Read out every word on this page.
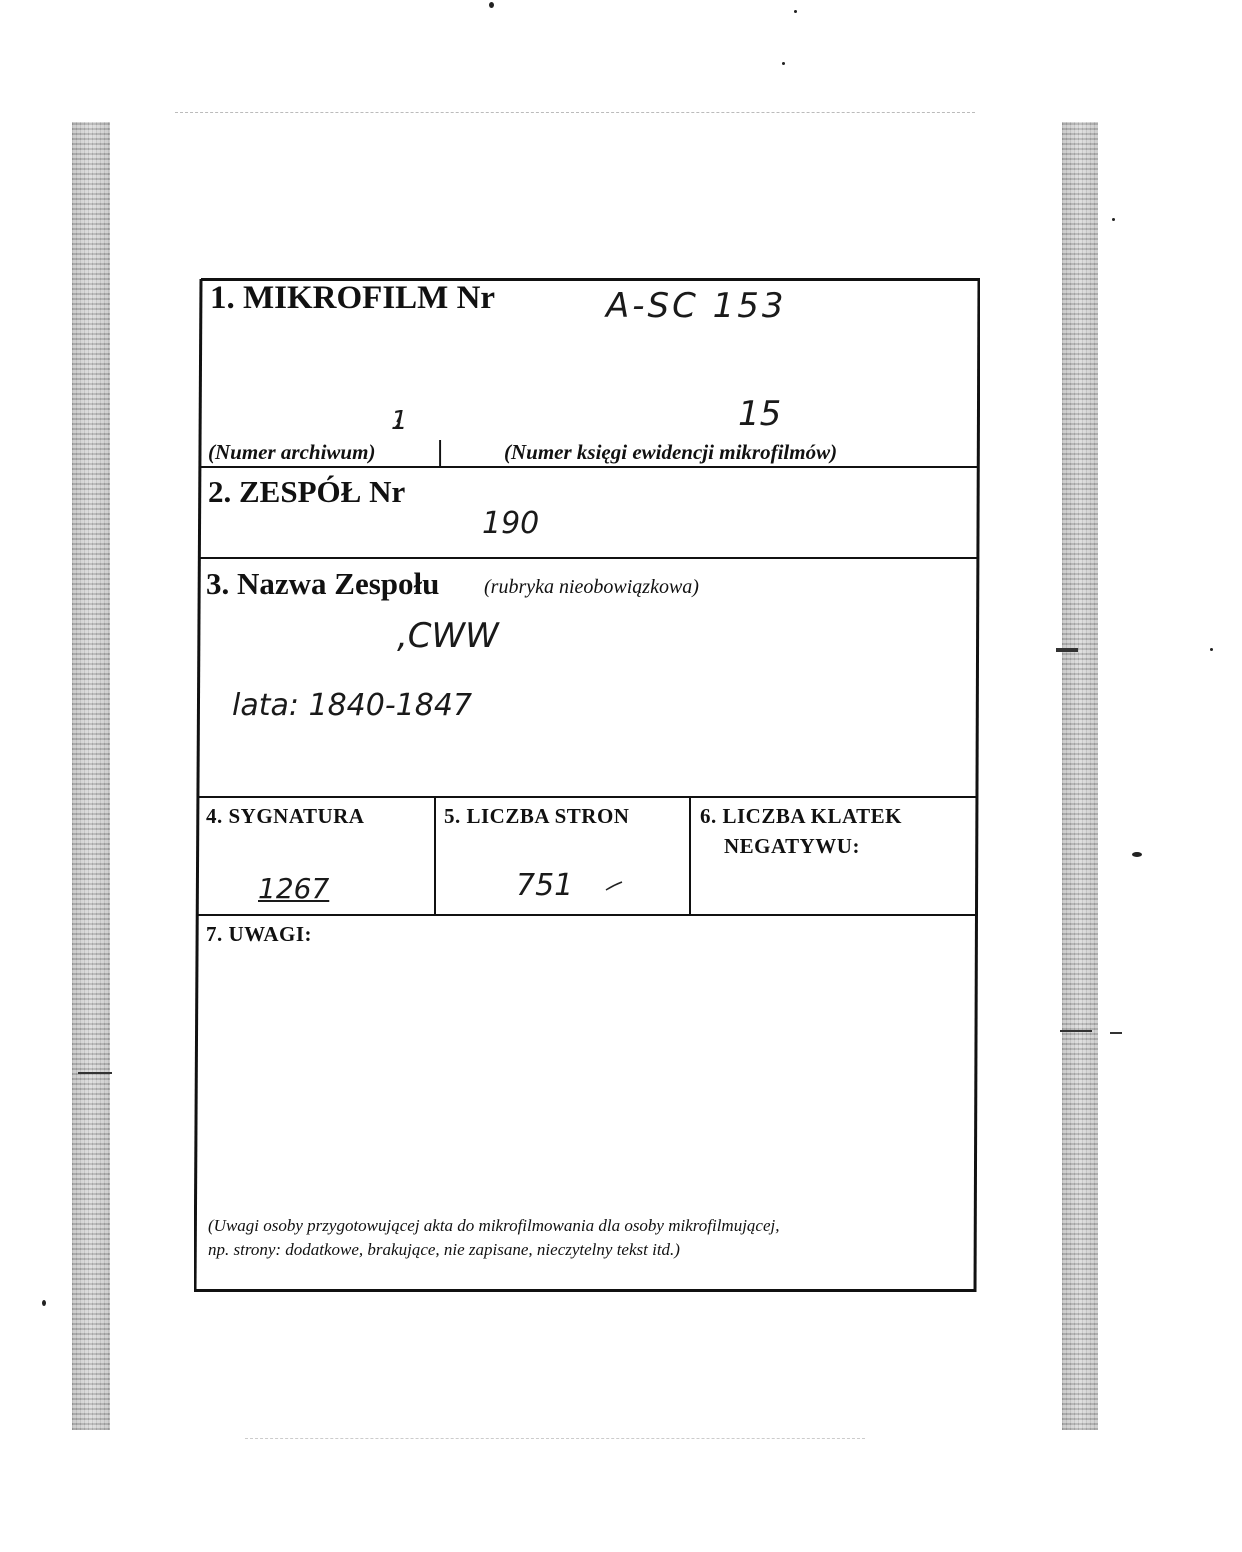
1. MIKROFILM Nr	A-SC 153
1	15
(Numer archiwum) |	(Numer księgi ewidencji mikrofilmów)
2. ZESPÓŁ Nr
190
3. Nazwa Zespołu (rubryka nieobowiązkowa)
,CWW
lata: 1840-1847
4. SYGNATURA
1267
5. LICZBA STRON
751
6. LICZBA KLATEK
NEGATYWU:
7. UWAGI:
(Uwagi osoby przygotowującej akta do mikrofilmowania dla osoby mikrofilmującej,
np. strony: dodatkowe, brakujące, nie zapisane, nieczytelny tekst itd.)
